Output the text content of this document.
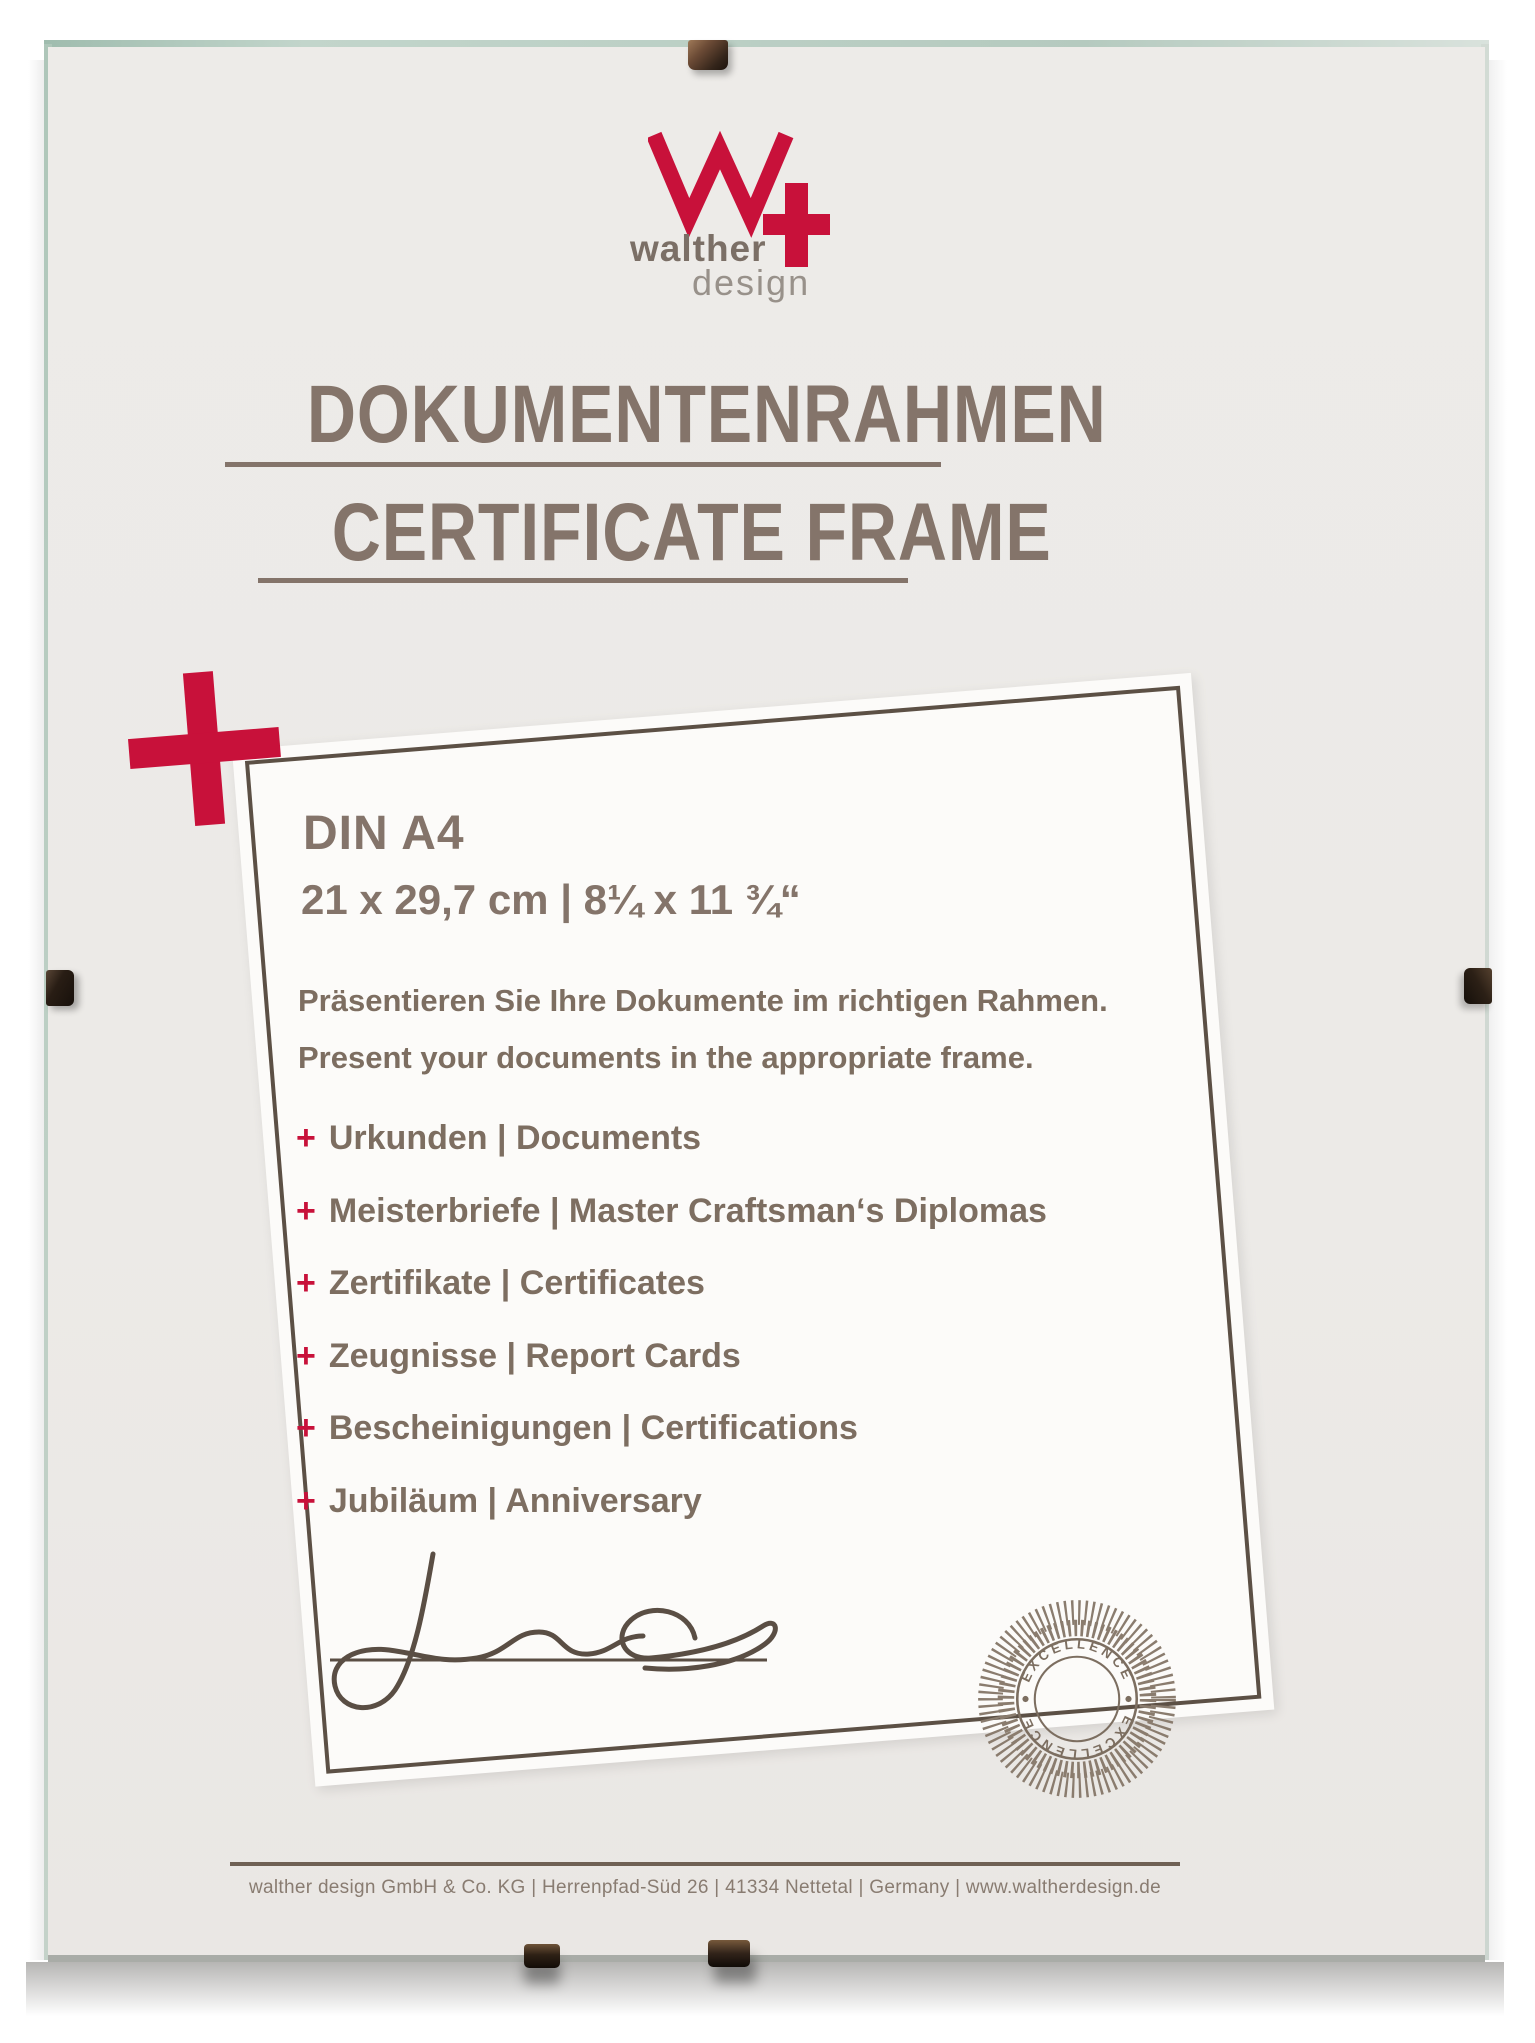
walther
design
DOKUMENTENRAHMEN
CERTIFICATE FRAME
DIN A4
21 x 29,7 cm | 8¼ x 11 ¾“
Präsentieren Sie Ihre Dokumente im richtigen Rahmen.
Present your documents in the appropriate frame.
+ Urkunden | Documents
+ Meisterbriefe | Master Craftsman‘s Diplomas
+ Zertifikate | Certificates
+ Zeugnisse | Report Cards
+ Bescheinigungen | Certifications
+ Jubiläum | Anniversary
EXCELLENCE
EXCELLENCE
walther design GmbH & Co. KG | Herrenpfad-Süd 26 | 41334 Nettetal | Germany | www.waltherdesign.de
